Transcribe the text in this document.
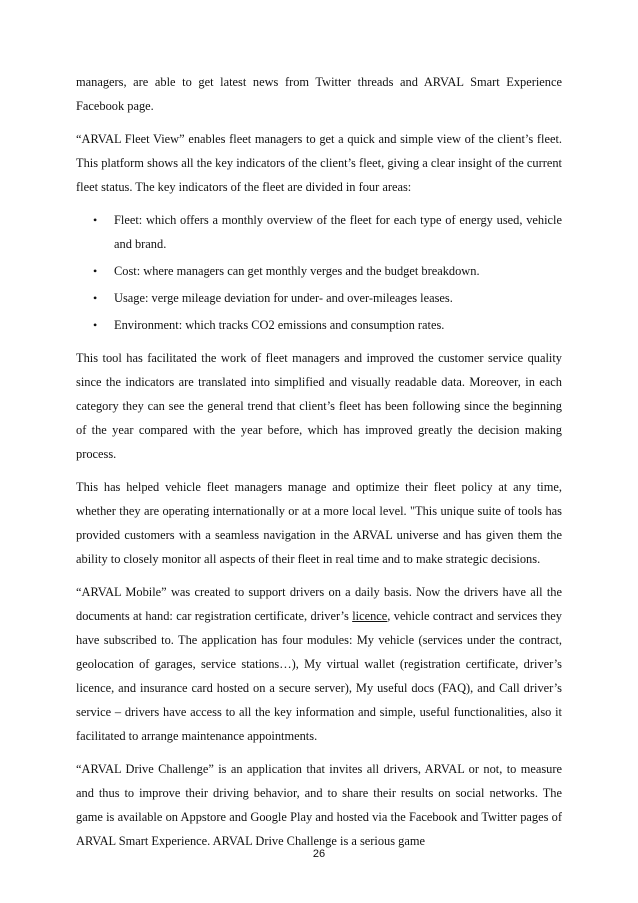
managers, are able to get latest news from Twitter threads and ARVAL Smart Experience Facebook page.

“ARVAL Fleet View” enables fleet managers to get a quick and simple view of the client’s fleet. This platform shows all the key indicators of the client’s fleet, giving a clear insight of the current fleet status. The key indicators of the fleet are divided in four areas:

• Fleet: which offers a monthly overview of the fleet for each type of energy used, vehicle and brand.
• Cost: where managers can get monthly verges and the budget breakdown.
• Usage: verge mileage deviation for under- and over-mileages leases.
• Environment: which tracks CO2 emissions and consumption rates.

This tool has facilitated the work of fleet managers and improved the customer service quality since the indicators are translated into simplified and visually readable data. Moreover, in each category they can see the general trend that client’s fleet has been following since the beginning of the year compared with the year before, which has improved greatly the decision making process.

This has helped vehicle fleet managers manage and optimize their fleet policy at any time, whether they are operating internationally or at a more local level. "This unique suite of tools has provided customers with a seamless navigation in the ARVAL universe and has given them the ability to closely monitor all aspects of their fleet in real time and to make strategic decisions.

“ARVAL Mobile” was created to support drivers on a daily basis. Now the drivers have all the documents at hand: car registration certificate, driver’s licence, vehicle contract and services they have subscribed to. The application has four modules: My vehicle (services under the contract, geolocation of garages, service stations…), My virtual wallet (registration certificate, driver’s licence, and insurance card hosted on a secure server), My useful docs (FAQ), and Call driver’s service – drivers have access to all the key information and simple, useful functionalities, also it facilitated to arrange maintenance appointments.

“ARVAL Drive Challenge” is an application that invites all drivers, ARVAL or not, to measure and thus to improve their driving behavior, and to share their results on social networks. The game is available on Appstore and Google Play and hosted via the Facebook and Twitter pages of ARVAL Smart Experience. ARVAL Drive Challenge is a serious game

26
